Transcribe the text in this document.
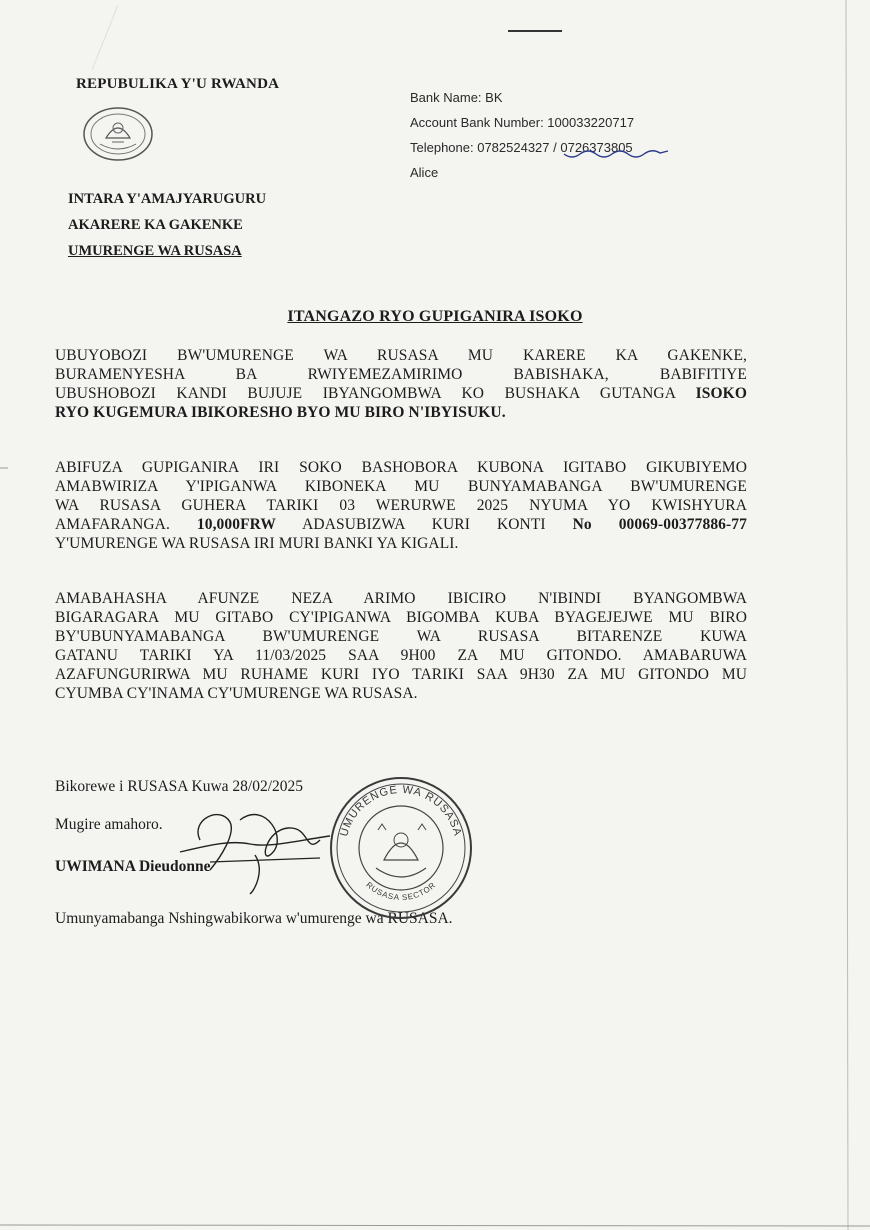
REPUBULIKA Y'U RWANDA
INTARA Y'AMAJYARUGURU
AKARERE KA GAKENKE
UMURENGE WA RUSASA
Bank Name: BK
Account Bank Number: 100033220717
Telephone: 0782524327 / 0726373805
Alice
ITANGAZO RYO GUPIGANIRA ISOKO
UBUYOBOZI BW'UMURENGE WA RUSASA MU KARERE KA GAKENKE,
BURAMENYESHA BA RWIYEMEZAMIRIMO BABISHAKA, BABIFITIYE
UBUSHOBOZI KANDI BUJUJE IBYANGOMBWA KO BUSHAKA GUTANGA ISOKO
RYO KUGEMURA IBIKORESHO BYO MU BIRO N'IBYISUKU.
ABIFUZA GUPIGANIRA IRI SOKO BASHOBORA KUBONA IGITABO GIKUBIYEMO
AMABWIRIZA Y'IPIGANWA KIBONEKA MU BUNYAMABANGA BW'UMURENGE
WA RUSASA GUHERA TARIKI 03 WERURWE 2025 NYUMA YO KWISHYURA
AMAFARANGA. 10,000FRW ADASUBIZWA KURI KONTI No 00069-00377886-77
Y'UMURENGE WA RUSASA IRI MURI BANKI YA KIGALI.
AMABAHASHA AFUNZE NEZA ARIMO IBICIRO N'IBINDI BYANGOMBWA
BIGARAGARA MU GITABO CY'IPIGANWA BIGOMBA KUBA BYAGEJEJWE MU BIRO
BY'UBUNYAMABANGA BW'UMURENGE WA RUSASA BITARENZE KUWA
GATANU TARIKI YA 11/03/2025 SAA 9H00 ZA MU GITONDO. AMABARUWA
AZAFUNGURIRWA MU RUHAME KURI IYO TARIKI SAA 9H30 ZA MU GITONDO MU
CYUMBA CY'INAMA CY'UMURENGE WA RUSASA.
Bikorewe i RUSASA Kuwa 28/02/2025
Mugire amahoro.
UWIMANA Dieudonne
Umunyamabanga Nshingwabikorwa w'umurenge wa RUSASA.
UMURENGE WA RUSASA
RUSASA SECTOR
